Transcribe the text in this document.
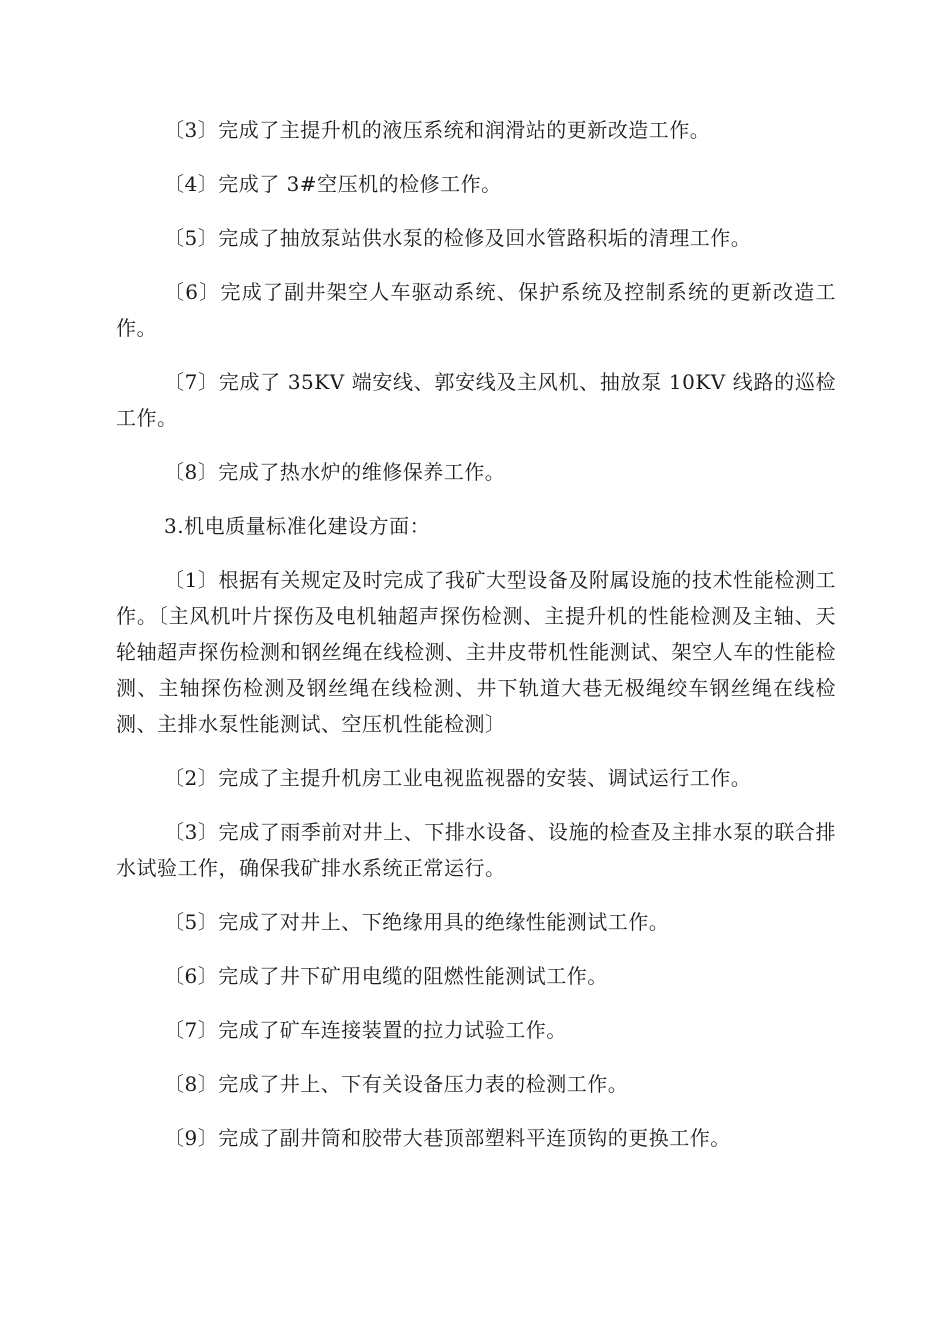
〔3〕完成了主提升机的液压系统和润滑站的更新改造工作。

〔4〕完成了 3#空压机的检修工作。

〔5〕完成了抽放泵站供水泵的检修及回水管路积垢的清理工作。

〔6〕完成了副井架空人车驱动系统、保护系统及控制系统的更新改造工作。

〔7〕完成了 35KV 端安线、郭安线及主风机、抽放泵 10KV 线路的巡检工作。

〔8〕完成了热水炉的维修保养工作。

3.机电质量标准化建设方面：

〔1〕根据有关规定及时完成了我矿大型设备及附属设施的技术性能检测工作。〔主风机叶片探伤及电机轴超声探伤检测、主提升机的性能检测及主轴、天轮轴超声探伤检测和钢丝绳在线检测、主井皮带机性能测试、架空人车的性能检测、主轴探伤检测及钢丝绳在线检测、井下轨道大巷无极绳绞车钢丝绳在线检测、主排水泵性能测试、空压机性能检测〕

〔2〕完成了主提升机房工业电视监视器的安装、调试运行工作。

〔3〕完成了雨季前对井上、下排水设备、设施的检查及主排水泵的联合排水试验工作，确保我矿排水系统正常运行。

〔5〕完成了对井上、下绝缘用具的绝缘性能测试工作。

〔6〕完成了井下矿用电缆的阻燃性能测试工作。

〔7〕完成了矿车连接装置的拉力试验工作。

〔8〕完成了井上、下有关设备压力表的检测工作。

〔9〕完成了副井筒和胶带大巷顶部塑料平连顶钩的更换工作。
